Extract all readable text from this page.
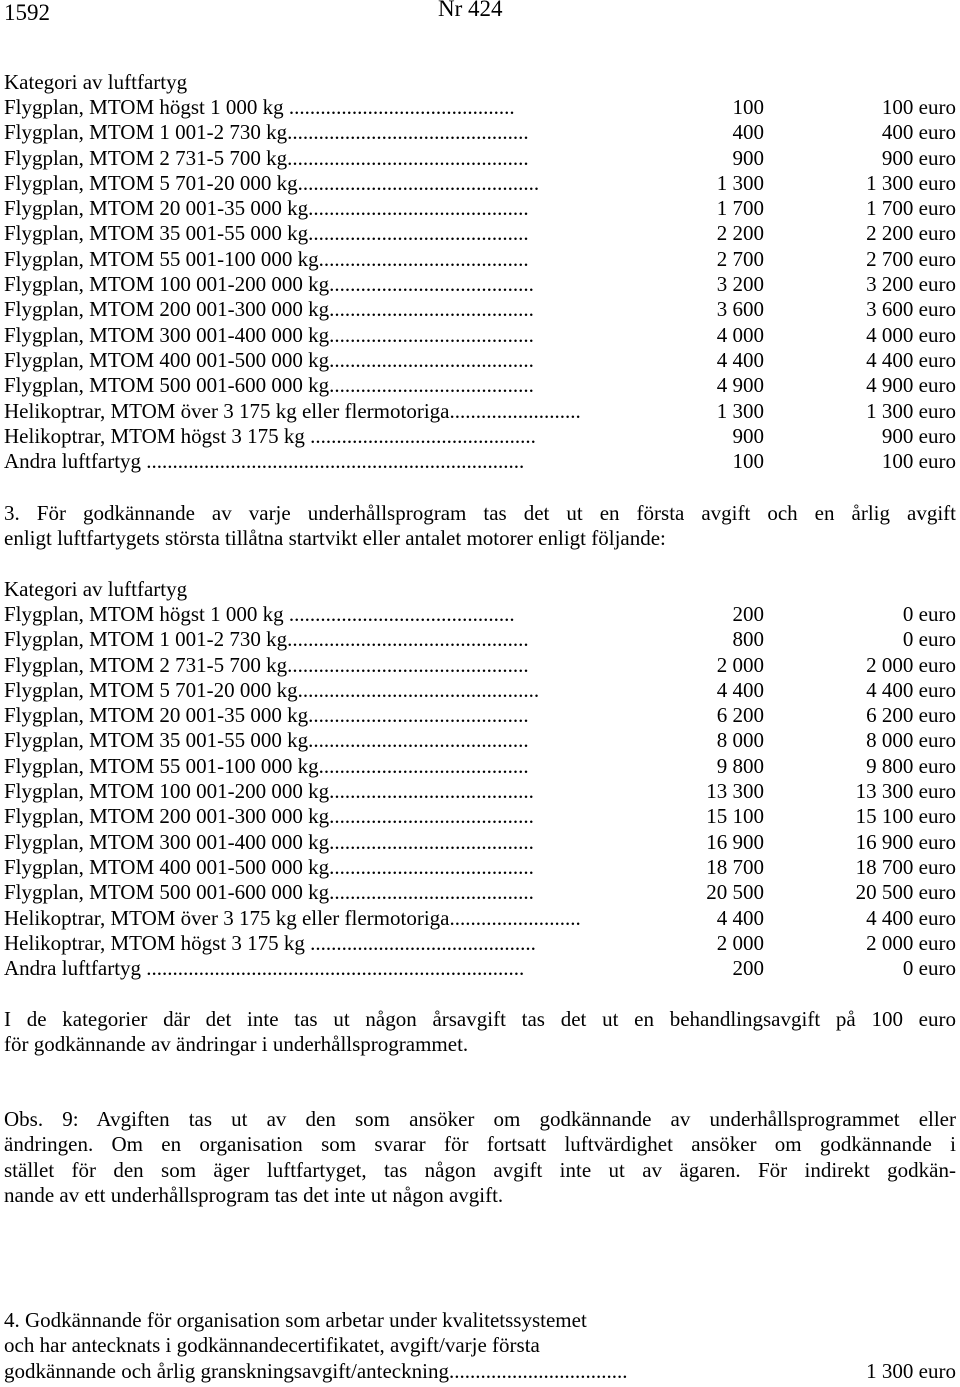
1592	Nr 424
Kategori av luftfartyg
Flygplan, MTOM högst 1 000 kg ...........................................	100	100 euro
Flygplan, MTOM 1 001-2 730 kg..............................................	400	400 euro
Flygplan, MTOM 2 731-5 700 kg..............................................	900	900 euro
Flygplan, MTOM 5 701-20 000 kg..............................................	1 300	1 300 euro
Flygplan, MTOM 20 001-35 000 kg..........................................	1 700	1 700 euro
Flygplan, MTOM 35 001-55 000 kg..........................................	2 200	2 200 euro
Flygplan, MTOM 55 001-100 000 kg........................................	2 700	2 700 euro
Flygplan, MTOM 100 001-200 000 kg.......................................	3 200	3 200 euro
Flygplan, MTOM 200 001-300 000 kg.......................................	3 600	3 600 euro
Flygplan, MTOM 300 001-400 000 kg.......................................	4 000	4 000 euro
Flygplan, MTOM 400 001-500 000 kg.......................................	4 400	4 400 euro
Flygplan, MTOM 500 001-600 000 kg.......................................	4 900	4 900 euro
Helikoptrar, MTOM över 3 175 kg eller flermotoriga.........................	1 300	1 300 euro
Helikoptrar, MTOM högst 3 175 kg ...........................................	900	900 euro
Andra luftfartyg ........................................................................	100	100 euro
3. För godkännande av varje underhållsprogram tas det ut en första avgift och en årlig avgift
enligt luftfartygets största tillåtna startvikt eller antalet motorer enligt följande:
Kategori av luftfartyg
Flygplan, MTOM högst 1 000 kg ...........................................	200	0 euro
Flygplan, MTOM 1 001-2 730 kg..............................................	800	0 euro
Flygplan, MTOM 2 731-5 700 kg..............................................	2 000	2 000 euro
Flygplan, MTOM 5 701-20 000 kg..............................................	4 400	4 400 euro
Flygplan, MTOM 20 001-35 000 kg..........................................	6 200	6 200 euro
Flygplan, MTOM 35 001-55 000 kg..........................................	8 000	8 000 euro
Flygplan, MTOM 55 001-100 000 kg........................................	9 800	9 800 euro
Flygplan, MTOM 100 001-200 000 kg.......................................	13 300	13 300 euro
Flygplan, MTOM 200 001-300 000 kg.......................................	15 100	15 100 euro
Flygplan, MTOM 300 001-400 000 kg.......................................	16 900	16 900 euro
Flygplan, MTOM 400 001-500 000 kg.......................................	18 700	18 700 euro
Flygplan, MTOM 500 001-600 000 kg.......................................	20 500	20 500 euro
Helikoptrar, MTOM över 3 175 kg eller flermotoriga.........................	4 400	4 400 euro
Helikoptrar, MTOM högst 3 175 kg ...........................................	2 000	2 000 euro
Andra luftfartyg ........................................................................	200	0 euro
I de kategorier där det inte tas ut någon årsavgift tas det ut en behandlingsavgift på 100 euro
för godkännande av ändringar i underhållsprogrammet.
Obs. 9: Avgiften tas ut av den som ansöker om godkännande av underhållsprogrammet eller
ändringen. Om en organisation som svarar för fortsatt luftvärdighet ansöker om godkännande i
stället för den som äger luftfartyget, tas någon avgift inte ut av ägaren. För indirekt godkän-
nande av ett underhållsprogram tas det inte ut någon avgift.
4. Godkännande för organisation som arbetar under kvalitetssystemet
och har antecknats i godkännandecertifikatet, avgift/varje första
godkännande och årlig granskningsavgift/anteckning..................................	1 300 euro
